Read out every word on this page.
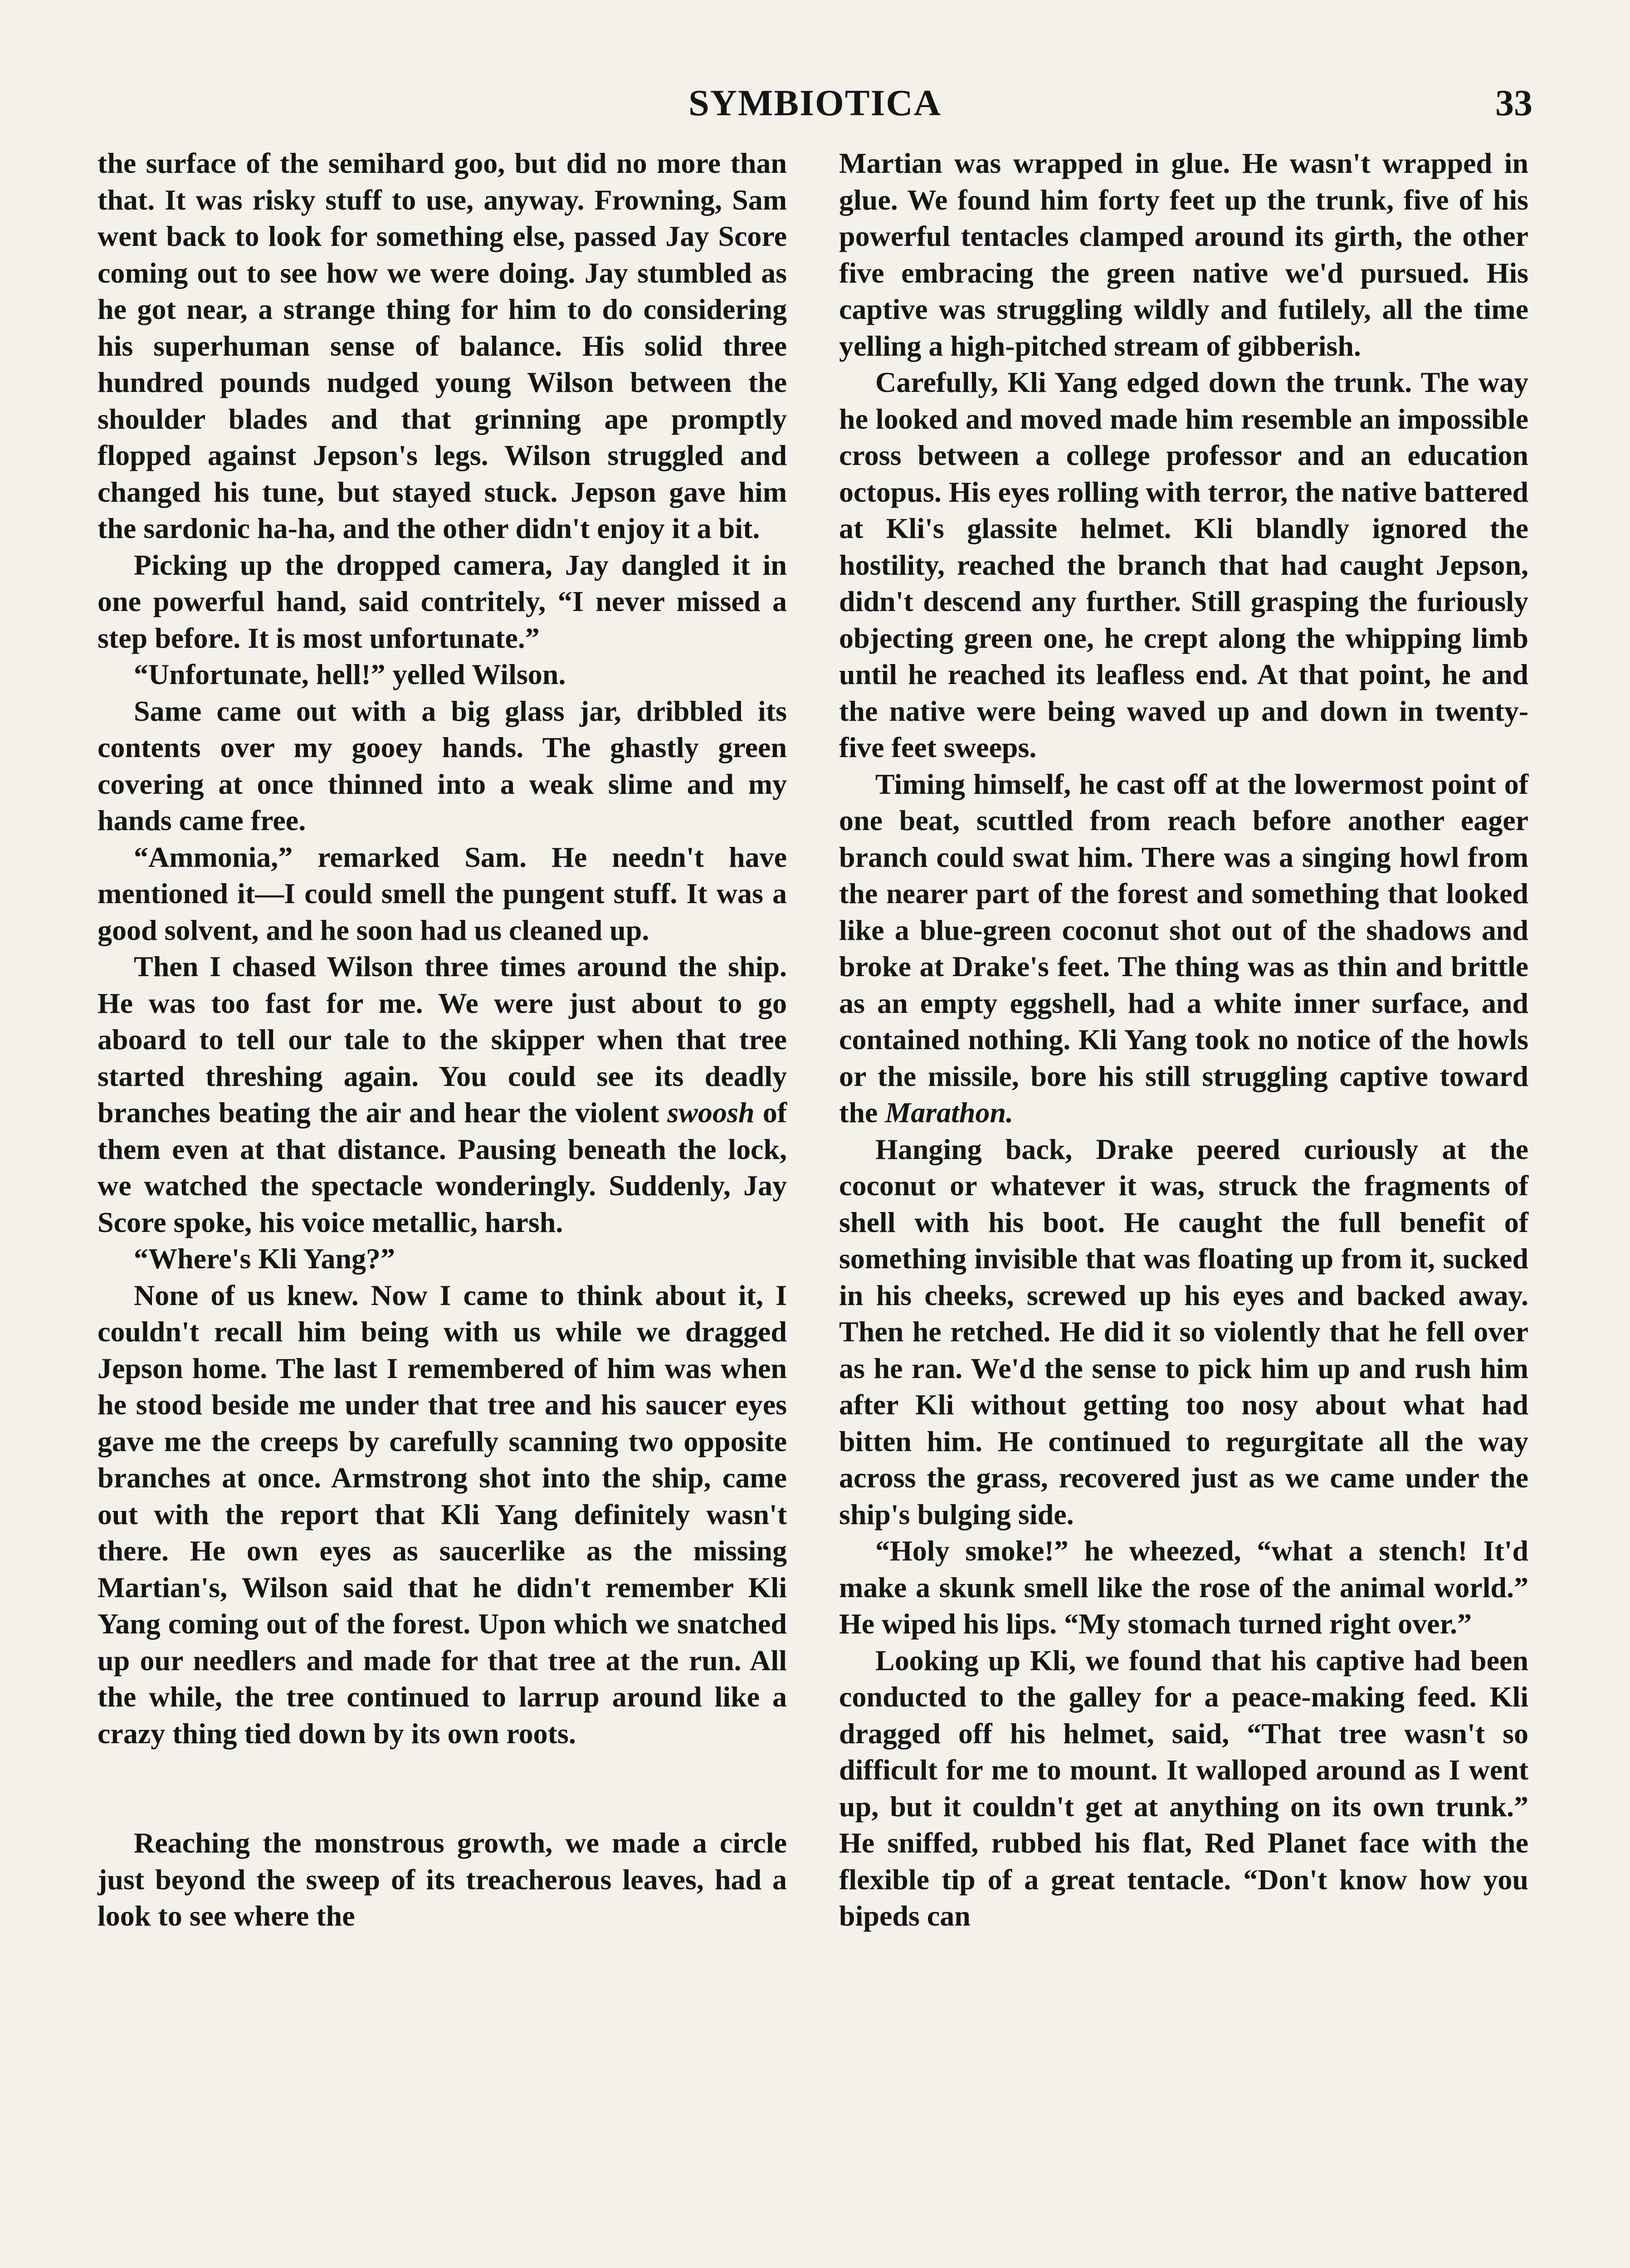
SYMBIOTICA	33

the surface of the semihard goo, but did no more than that. It was risky stuff to use, anyway. Frowning, Sam went back to look for something else, passed Jay Score coming out to see how we were doing. Jay stumbled as he got near, a strange thing for him to do considering his superhuman sense of balance. His solid three hundred pounds nudged young Wilson between the shoulder blades and that grinning ape promptly flopped against Jepson's legs. Wilson struggled and changed his tune, but stayed stuck. Jepson gave him the sardonic ha-ha, and the other didn't enjoy it a bit.

Picking up the dropped camera, Jay dangled it in one powerful hand, said contritely, “I never missed a step before. It is most unfortunate.”

“Unfortunate, hell!” yelled Wilson.

Same came out with a big glass jar, dribbled its contents over my gooey hands. The ghastly green covering at once thinned into a weak slime and my hands came free.

“Ammonia,” remarked Sam. He needn't have mentioned it—I could smell the pungent stuff. It was a good solvent, and he soon had us cleaned up.

Then I chased Wilson three times around the ship. He was too fast for me. We were just about to go aboard to tell our tale to the skipper when that tree started threshing again. You could see its deadly branches beating the air and hear the violent swoosh of them even at that distance. Pausing beneath the lock, we watched the spectacle wonderingly. Suddenly, Jay Score spoke, his voice metallic, harsh.

“Where's Kli Yang?”

None of us knew. Now I came to think about it, I couldn't recall him being with us while we dragged Jepson home. The last I remembered of him was when he stood beside me under that tree and his saucer eyes gave me the creeps by carefully scanning two opposite branches at once. Armstrong shot into the ship, came out with the report that Kli Yang definitely wasn't there. He own eyes as saucerlike as the missing Martian's, Wilson said that he didn't remember Kli Yang coming out of the forest. Upon which we snatched up our needlers and made for that tree at the run. All the while, the tree continued to larrup around like a crazy thing tied down by its own roots.

Reaching the monstrous growth, we made a circle just beyond the sweep of its treacherous leaves, had a look to see where the

Martian was wrapped in glue. He wasn't wrapped in glue. We found him forty feet up the trunk, five of his powerful tentacles clamped around its girth, the other five embracing the green native we'd pursued. His captive was struggling wildly and futilely, all the time yelling a high-pitched stream of gibberish.

Carefully, Kli Yang edged down the trunk. The way he looked and moved made him resemble an impossible cross between a college professor and an education octopus. His eyes rolling with terror, the native battered at Kli's glassite helmet. Kli blandly ignored the hostility, reached the branch that had caught Jepson, didn't descend any further. Still grasping the furiously objecting green one, he crept along the whipping limb until he reached its leafless end. At that point, he and the native were being waved up and down in twenty-five feet sweeps.

Timing himself, he cast off at the lowermost point of one beat, scuttled from reach before another eager branch could swat him. There was a singing howl from the nearer part of the forest and something that looked like a blue-green coconut shot out of the shadows and broke at Drake's feet. The thing was as thin and brittle as an empty eggshell, had a white inner surface, and contained nothing. Kli Yang took no notice of the howls or the missile, bore his still struggling captive toward the Marathon.

Hanging back, Drake peered curiously at the coconut or whatever it was, struck the fragments of shell with his boot. He caught the full benefit of something invisible that was floating up from it, sucked in his cheeks, screwed up his eyes and backed away. Then he retched. He did it so violently that he fell over as he ran. We'd the sense to pick him up and rush him after Kli without getting too nosy about what had bitten him. He continued to regurgitate all the way across the grass, recovered just as we came under the ship's bulging side.

“Holy smoke!” he wheezed, “what a stench! It'd make a skunk smell like the rose of the animal world.” He wiped his lips. “My stomach turned right over.”

Looking up Kli, we found that his captive had been conducted to the galley for a peace-making feed. Kli dragged off his helmet, said, “That tree wasn't so difficult for me to mount. It walloped around as I went up, but it couldn't get at anything on its own trunk.” He sniffed, rubbed his flat, Red Planet face with the flexible tip of a great tentacle. “Don't know how you bipeds can
